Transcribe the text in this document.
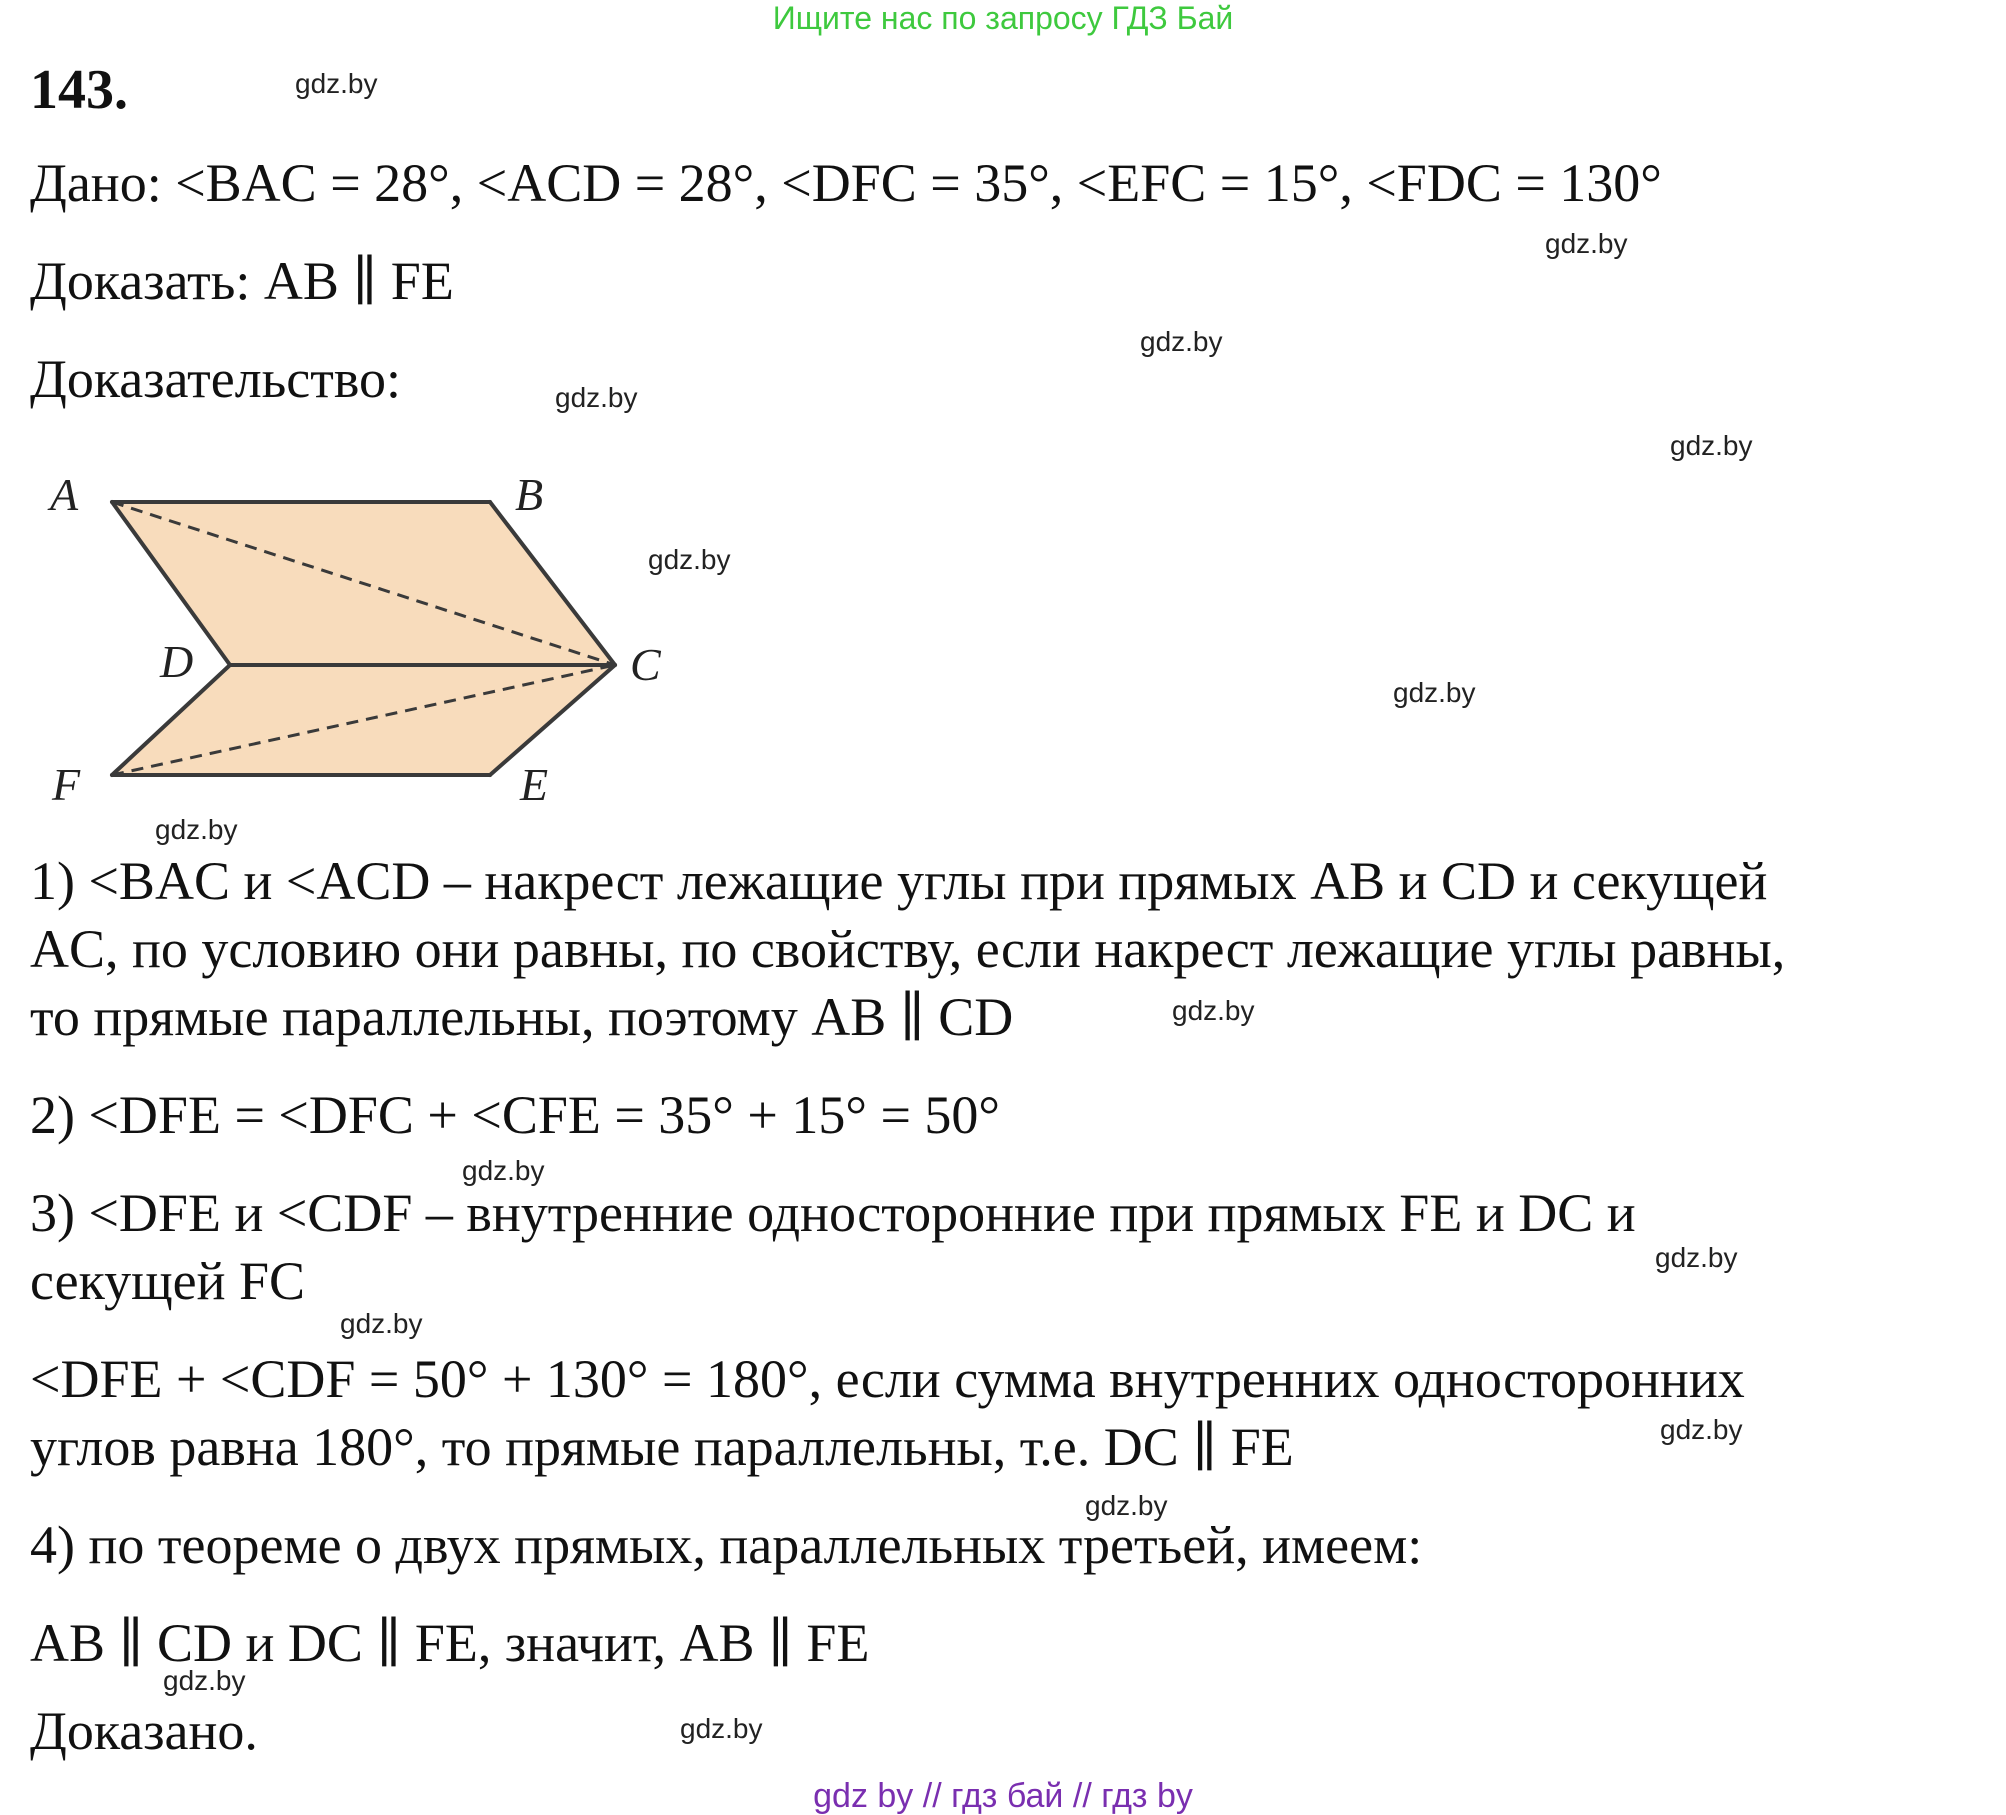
Ищите нас по запросу ГДЗ Бай
143.
Дано: <BAC = 28°, <ACD = 28°, <DFC = 35°, <EFC = 15°, <FDC = 130°
Доказать: AB ∥ FE
Доказательство:
A	B
C
D
E
F
1) <BAC и <ACD – накрест лежащие углы при прямых AB и CD и секущей
AC, по условию они равны, по свойству, если накрест лежащие углы равны,
то прямые параллельны, поэтому AB ∥ CD
2) <DFE = <DFC + <CFE = 35° + 15° = 50°
3) <DFE и <CDF – внутренние односторонние при прямых FE и DC и
секущей FC
<DFE + <CDF = 50° + 130° = 180°, если сумма внутренних односторонних
углов равна 180°, то прямые параллельны, т.е. DC ∥ FE
4) по теореме о двух прямых, параллельных третьей, имеем:
AB ∥ CD и DC ∥ FE, значит, AB ∥ FE
Доказано.
gdz.by
gdz.by
gdz.by
gdz.by
gdz.by
gdz.by
gdz.by
gdz.by
gdz.by
gdz.by
gdz.by
gdz.by
gdz.by
gdz.by
gdz.by
gdz.by
gdz by // гдз бай // гдз by
